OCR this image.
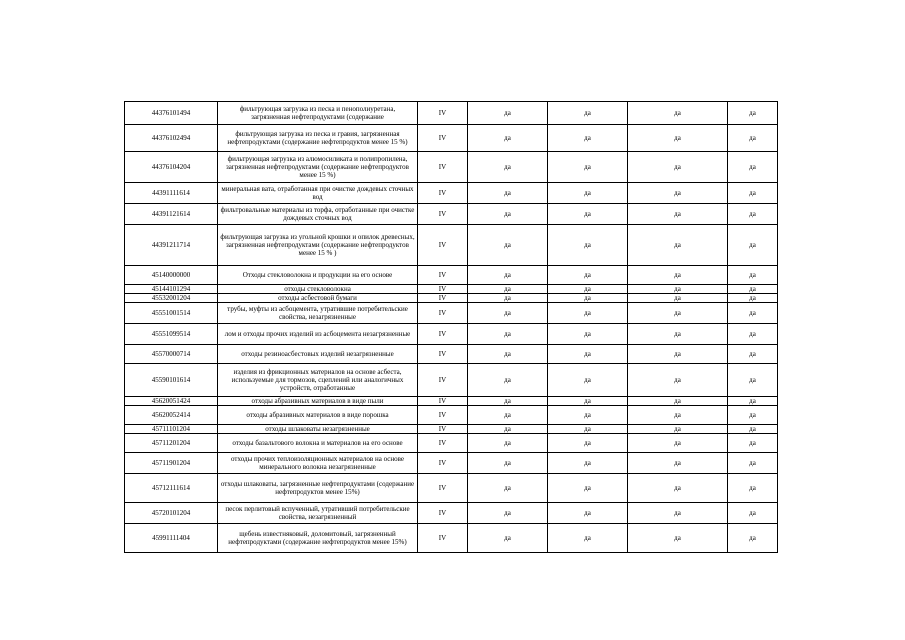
44376101494	фильтрующая загрузка из песка и пенополиуретана, загрязненная нефтепродуктами (содержание	IV	да	да	да	да
44376102494	фильтрующая загрузка из песка и гравия, загрязненная нефтепродуктами (содержание нефтепродуктов менее 15 %)	IV	да	да	да	да
44376104204	фильтрующая загрузка из алюмосиликата и полипропилена, загрязненная нефтепродуктами (содержание нефтепродуктов менее 15 %)	IV	да	да	да	да
44391111614	минеральная вата, отработанная при очистке дождевых сточных вод	IV	да	да	да	да
44391121614	фильтровальные материалы из торфа, отработанные при очистке дождевых сточных вод	IV	да	да	да	да
44391211714	фильтрующая загрузка из угольной крошки и опилок древесных, загрязненная нефтепродуктами (содержание нефтепродуктов менее 15 % )	IV	да	да	да	да
45140000000	Отходы стекловолокна и продукции на его основе	IV	да	да	да	да
45144101294	отходы стекловолокна	IV	да	да	да	да
45532001204	отходы асбестовой бумаги	IV	да	да	да	да
45551001514	трубы, муфты из асбоцемента, утратившие потребительские свойства, незагрязненные	IV	да	да	да	да
45551099514	лом и отходы прочих изделий из асбоцемента незагрязненные	IV	да	да	да	да
45570000714	отходы резиноасбестовых изделий незагрязненные	IV	да	да	да	да
45590101614	изделия из фрикционных материалов на основе асбеста, используемые для тормозов, сцеплений или аналогичных устройств, отработанные	IV	да	да	да	да
45620051424	отходы абразивных материалов в виде пыли	IV	да	да	да	да
45620052414	отходы абразивных материалов в виде порошка	IV	да	да	да	да
45711101204	отходы шлаковаты незагрязненные	IV	да	да	да	да
45711201204	отходы базальтового волокна и материалов на его основе	IV	да	да	да	да
45711901204	отходы прочих теплоизоляционных материалов на основе минерального волокна незагрязненные	IV	да	да	да	да
45712111614	отходы шлаковаты, загрязненные нефтепродуктами (содержание нефтепродуктов менее 15%)	IV	да	да	да	да
45720101204	песок перлитовый вспученный, утративший потребительские свойства, незагрязненный	IV	да	да	да	да
45991111404	щебень известняковый, доломитовый, загрязненный нефтепродуктами (содержание нефтепродуктов менее 15%)	IV	да	да	да	да
